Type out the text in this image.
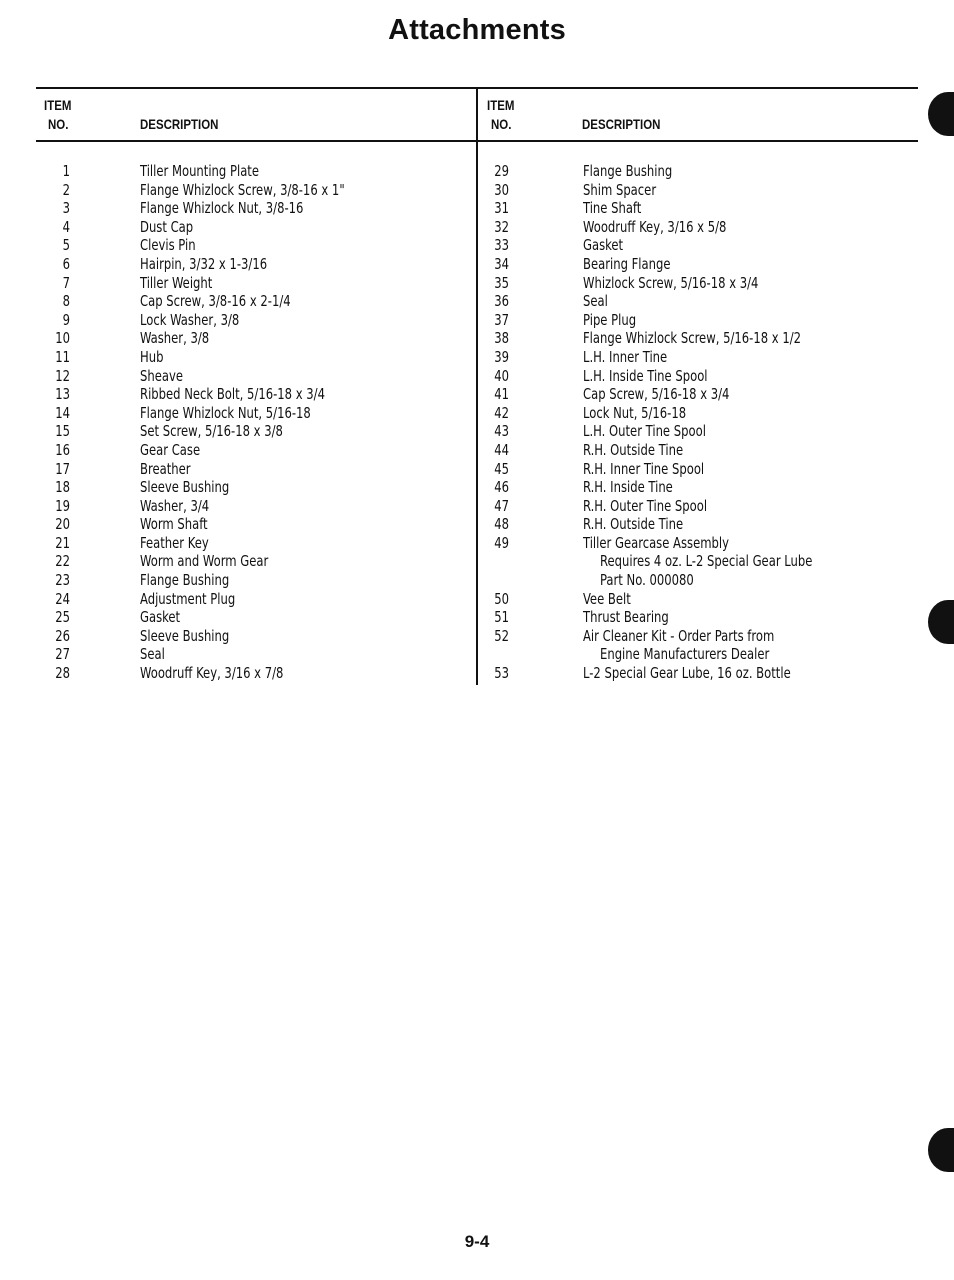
Attachments
ITEM
NO.	DESCRIPTION
ITEM
NO.	DESCRIPTION
1	Tiller Mounting Plate
2	Flange Whizlock Screw, 3/8-16 x 1"
3	Flange Whizlock Nut, 3/8-16
4	Dust Cap
5	Clevis Pin
6	Hairpin, 3/32 x 1-3/16
7	Tiller Weight
8	Cap Screw, 3/8-16 x 2-1/4
9	Lock Washer, 3/8
10	Washer, 3/8
11	Hub
12	Sheave
13	Ribbed Neck Bolt, 5/16-18 x 3/4
14	Flange Whizlock Nut, 5/16-18
15	Set Screw, 5/16-18 x 3/8
16	Gear Case
17	Breather
18	Sleeve Bushing
19	Washer, 3/4
20	Worm Shaft
21	Feather Key
22	Worm and Worm Gear
23	Flange Bushing
24	Adjustment Plug
25	Gasket
26	Sleeve Bushing
27	Seal
28	Woodruff Key, 3/16 x 7/8
29	Flange Bushing
30	Shim Spacer
31	Tine Shaft
32	Woodruff Key, 3/16 x 5/8
33	Gasket
34	Bearing Flange
35	Whizlock Screw, 5/16-18 x 3/4
36	Seal
37	Pipe Plug
38	Flange Whizlock Screw, 5/16-18 x 1/2
39	L.H. Inner Tine
40	L.H. Inside Tine Spool
41	Cap Screw, 5/16-18 x 3/4
42	Lock Nut, 5/16-18
43	L.H. Outer Tine Spool
44	R.H. Outside Tine
45	R.H. Inner Tine Spool
46	R.H. Inside Tine
47	R.H. Outer Tine Spool
48	R.H. Outside Tine
49	Tiller Gearcase Assembly
Requires 4 oz. L-2 Special Gear Lube
Part No. 000080
50	Vee Belt
51	Thrust Bearing
52	Air Cleaner Kit - Order Parts from
Engine Manufacturers Dealer
53	L-2 Special Gear Lube, 16 oz. Bottle
9-4
